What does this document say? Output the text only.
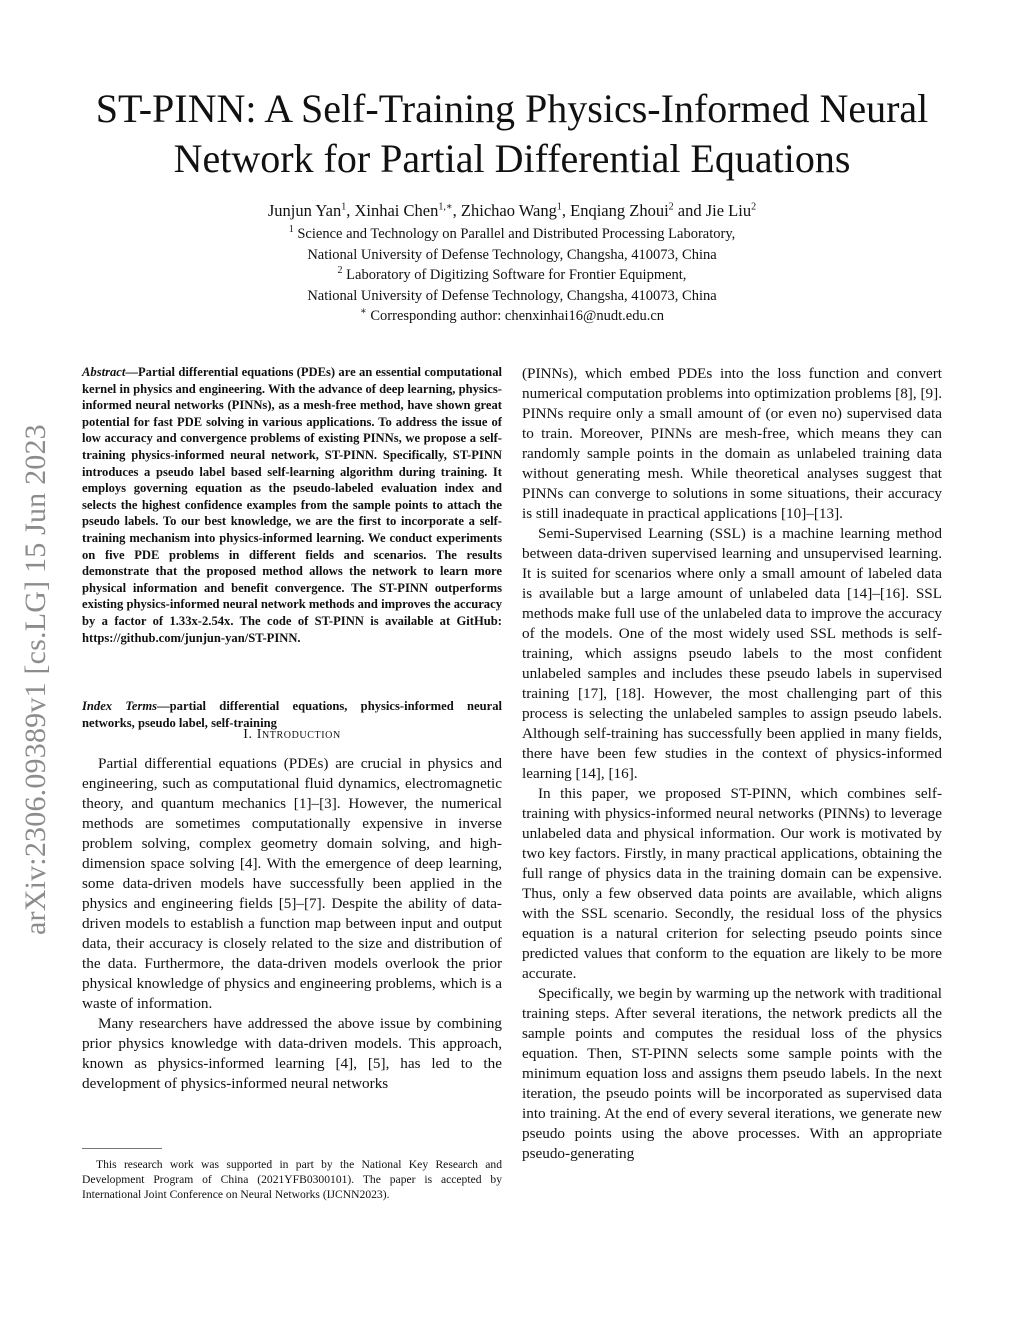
arXiv:2306.09389v1 [cs.LG] 15 Jun 2023
ST-PINN: A Self-Training Physics-Informed Neural
Network for Partial Differential Equations
Junjun Yan$^1$, Xinhai Chen$^{1,∗}$, Zhichao Wang$^1$, Enqiang Zhoui$^2$ and Jie Liu$^2$
$^1$ Science and Technology on Parallel and Distributed Processing Laboratory,
National University of Defense Technology, Changsha, 410073, China
$^2$ Laboratory of Digitizing Software for Frontier Equipment,
National University of Defense Technology, Changsha, 410073, China
∗ Corresponding author: chenxinhai16@nudt.edu.cn
Abstract—Partial differential equations (PDEs) are an essential computational kernel in physics and engineering. With the advance of deep learning, physics-informed neural networks (PINNs), as a mesh-free method, have shown great potential for fast PDE solving in various applications. To address the issue of low accuracy and convergence problems of existing PINNs, we propose a self-training physics-informed neural network, ST-PINN. Specifically, ST-PINN introduces a pseudo label based self-learning algorithm during training. It employs governing equation as the pseudo-labeled evaluation index and selects the highest confidence examples from the sample points to attach the pseudo labels. To our best knowledge, we are the first to incorporate a self-training mechanism into physics-informed learning. We conduct experiments on five PDE problems in different fields and scenarios. The results demonstrate that the proposed method allows the network to learn more physical information and benefit convergence. The ST-PINN outperforms existing physics-informed neural network methods and improves the accuracy by a factor of 1.33x-2.54x. The code of ST-PINN is available at GitHub: https://github.com/junjun-yan/ST-PINN.
Index Terms—partial differential equations, physics-informed neural networks, pseudo label, self-training
I. Introduction

Partial differential equations (PDEs) are crucial in physics and engineering, such as computational fluid dynamics, electromagnetic theory, and quantum mechanics [1]–[3]. However, the numerical methods are sometimes computationally expensive in inverse problem solving, complex geometry domain solving, and high-dimension space solving [4]. With the emergence of deep learning, some data-driven models have successfully been applied in the physics and engineering fields [5]–[7]. Despite the ability of data-driven models to establish a function map between input and output data, their accuracy is closely related to the size and distribution of the data. Furthermore, the data-driven models overlook the prior physical knowledge of physics and engineering problems, which is a waste of information.

Many researchers have addressed the above issue by combining prior physics knowledge with data-driven models. This approach, known as physics-informed learning [4], [5], has led to the development of physics-informed neural networks

This research work was supported in part by the National Key Research and Development Program of China (2021YFB0300101). The paper is accepted by International Joint Conference on Neural Networks (IJCNN2023).

(PINNs), which embed PDEs into the loss function and convert numerical computation problems into optimization problems [8], [9]. PINNs require only a small amount of (or even no) supervised data to train. Moreover, PINNs are mesh-free, which means they can randomly sample points in the domain as unlabeled training data without generating mesh. While theoretical analyses suggest that PINNs can converge to solutions in some situations, their accuracy is still inadequate in practical applications [10]–[13].

Semi-Supervised Learning (SSL) is a machine learning method between data-driven supervised learning and unsupervised learning. It is suited for scenarios where only a small amount of labeled data is available but a large amount of unlabeled data [14]–[16]. SSL methods make full use of the unlabeled data to improve the accuracy of the models. One of the most widely used SSL methods is self-training, which assigns pseudo labels to the most confident unlabeled samples and includes these pseudo labels in supervised training [17], [18]. However, the most challenging part of this process is selecting the unlabeled samples to assign pseudo labels. Although self-training has successfully been applied in many fields, there have been few studies in the context of physics-informed learning [14], [16].

In this paper, we proposed ST-PINN, which combines self-training with physics-informed neural networks (PINNs) to leverage unlabeled data and physical information. Our work is motivated by two key factors. Firstly, in many practical applications, obtaining the full range of physics data in the training domain can be expensive. Thus, only a few observed data points are available, which aligns with the SSL scenario. Secondly, the residual loss of the physics equation is a natural criterion for selecting pseudo points since predicted values that conform to the equation are likely to be more accurate.

Specifically, we begin by warming up the network with traditional training steps. After several iterations, the network predicts all the sample points and computes the residual loss of the physics equation. Then, ST-PINN selects some sample points with the minimum equation loss and assigns them pseudo labels. In the next iteration, the pseudo points will be incorporated as supervised data into training. At the end of every several iterations, we generate new pseudo points using the above processes. With an appropriate pseudo-generating
